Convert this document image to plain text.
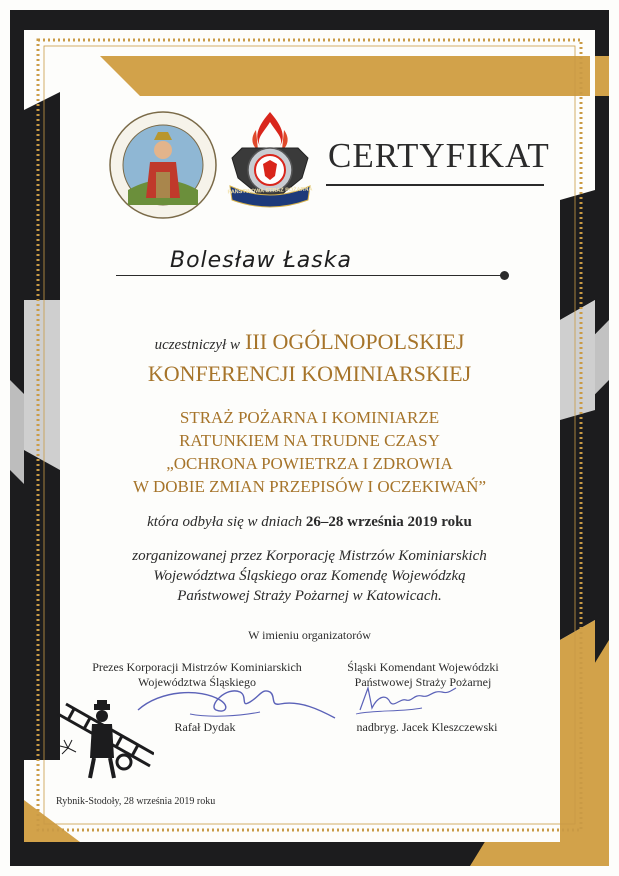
PAŃSTWOWA STRAŻ POŻARNA
CERTYFIKAT
Bolesław Łaska
uczestniczył w III OGÓLNOPOLSKIEJ
KONFERENCJI KOMINIARSKIEJ
STRAŻ POŻARNA I KOMINIARZE
RATUNKIEM NA TRUDNE CZASY
„OCHRONA POWIETRZA I ZDROWIA
W DOBIE ZMIAN PRZEPISÓW I OCZEKIWAŃ”
która odbyła się w dniach 26–28 września 2019 roku
zorganizowanej przez Korporację Mistrzów Kominiarskich
Województwa Śląskiego oraz Komendę Wojewódzką
Państwowej Straży Pożarnej w Katowicach.
W imieniu organizatorów
Prezes Korporacji Mistrzów Kominiarskich
Województwa Śląskiego
Rafał Dydak
Śląski Komendant Wojewódzki
Państwowej Straży Pożarnej
nadbryg. Jacek Kleszczewski
Rybnik-Stodoły, 28 września 2019 roku
